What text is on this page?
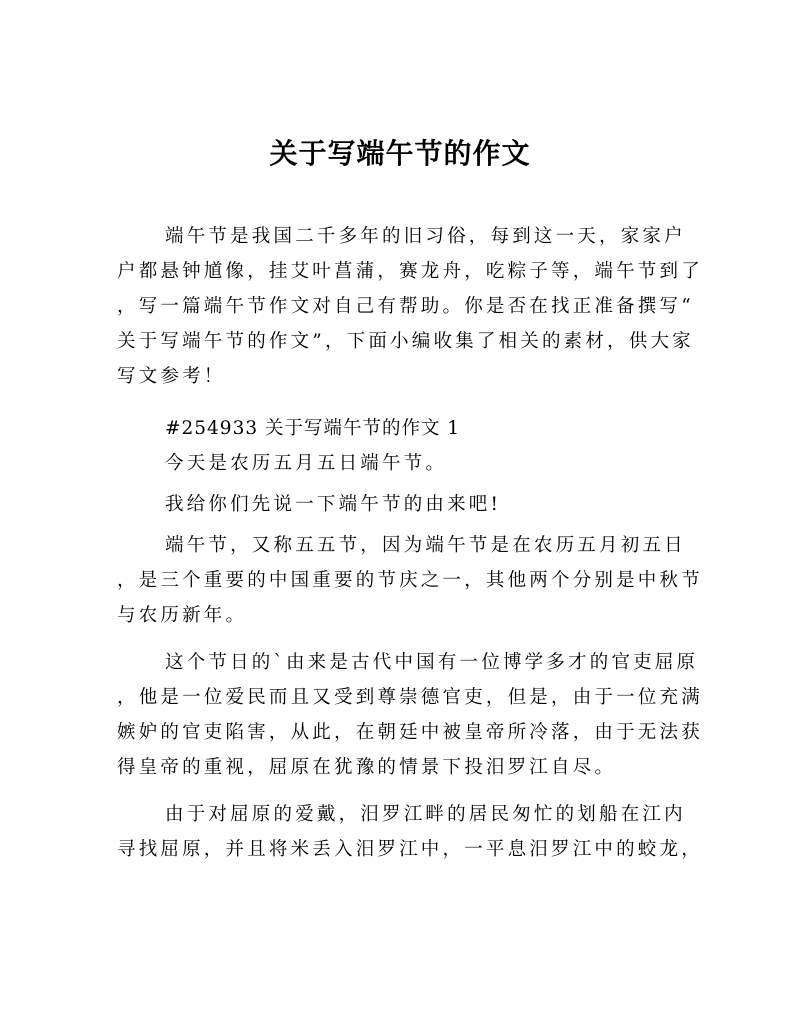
关于写端午节的作文

端午节是我国二千多年的旧习俗，每到这一天，家家户

户都悬钟馗像，挂艾叶菖蒲，赛龙舟，吃粽子等，端午节到了

，写一篇端午节作文对自己有帮助。你是否在找正准备撰写“

关于写端午节的作文”，下面小编收集了相关的素材，供大家

写文参考！

#254933 关于写端午节的作文 1

今天是农历五月五日端午节。

我给你们先说一下端午节的由来吧!

端午节，又称五五节，因为端午节是在农历五月初五日

，是三个重要的中国重要的节庆之一，其他两个分别是中秋节

与农历新年。

这个节日的`由来是古代中国有一位博学多才的官吏屈原

，他是一位爱民而且又受到尊崇德官吏，但是，由于一位充满

嫉妒的官吏陷害，从此，在朝廷中被皇帝所冷落，由于无法获

得皇帝的重视，屈原在犹豫的情景下投汨罗江自尽。

由于对屈原的爱戴，汨罗江畔的居民匆忙的划船在江内

寻找屈原，并且将米丢入汨罗江中，一平息汨罗江中的蛟龙，
